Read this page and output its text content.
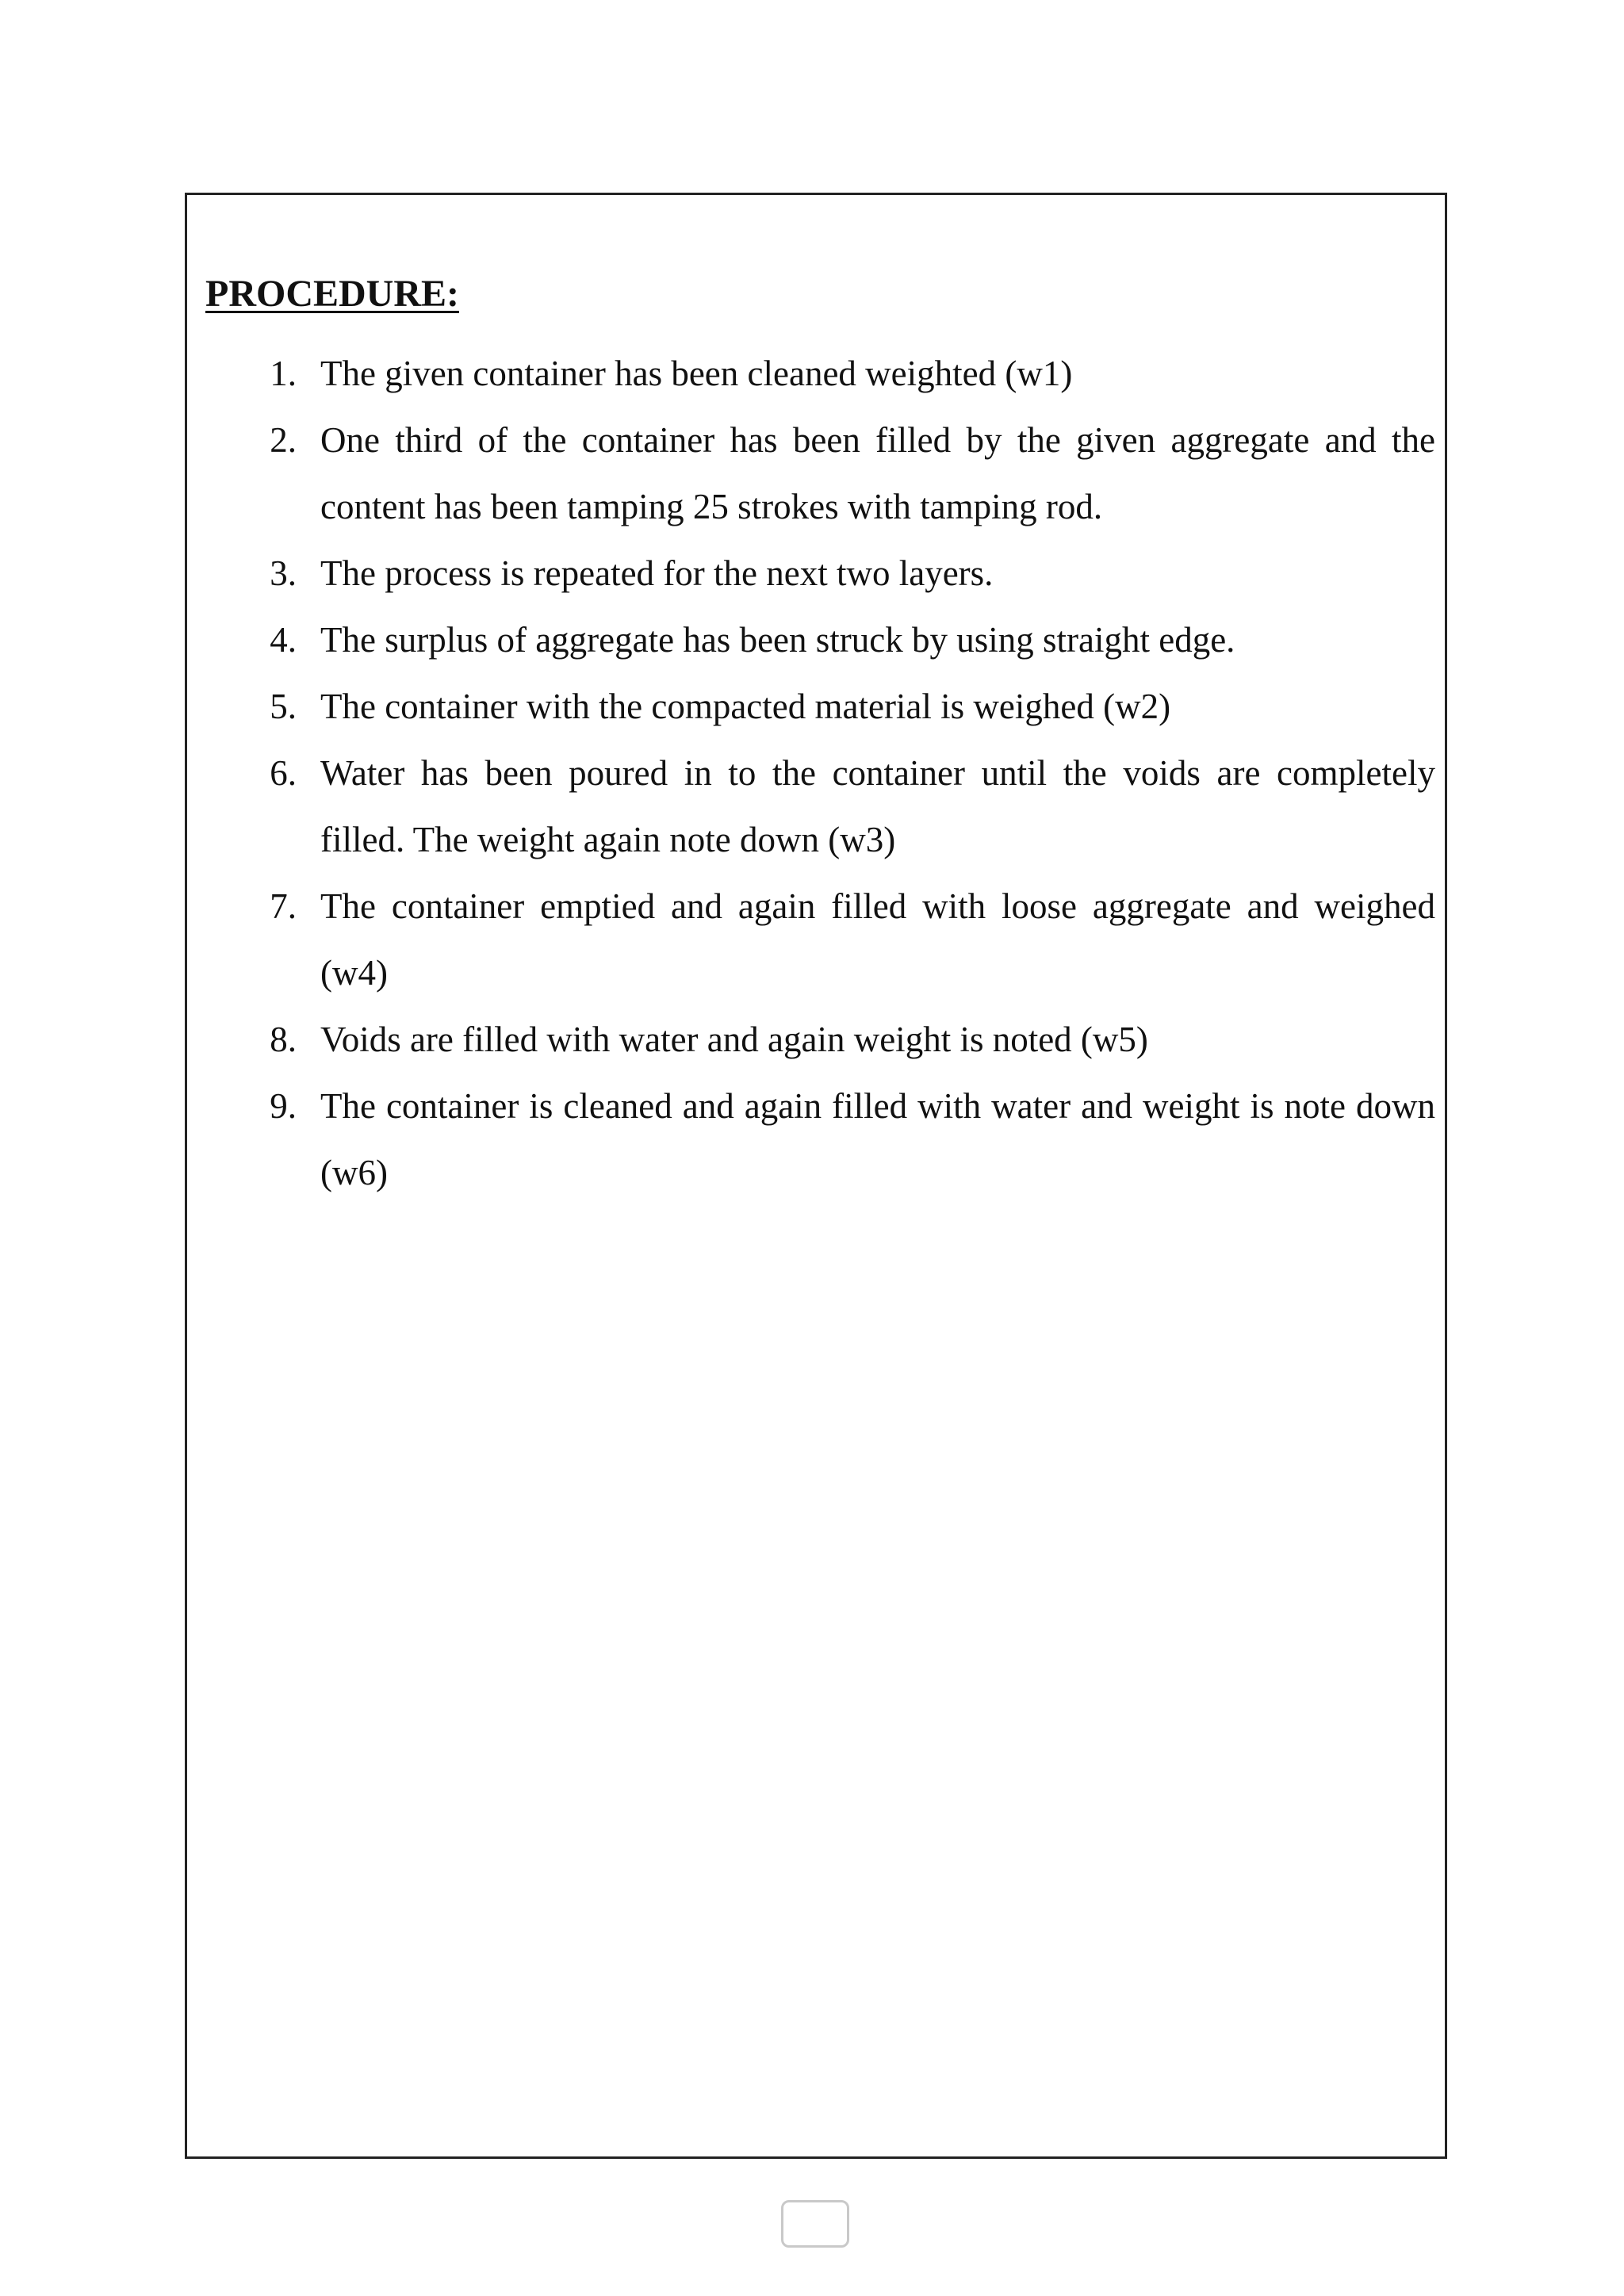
PROCEDURE:
1. The given container has been cleaned weighted (w1)
2. One third of the container has been filled by the given aggregate and the content has been tamping 25 strokes with tamping rod.
3. The process is repeated for the next two layers.
4. The surplus of aggregate has been struck by using straight edge.
5. The container with the compacted material is weighed (w2)
6. Water has been poured in to the container until the voids are completely filled. The weight again note down (w3)
7. The container emptied and again filled with loose aggregate and weighed (w4)
8. Voids are filled with water and again weight is noted (w5)
9. The container is cleaned and again filled with water and weight is note down (w6)
